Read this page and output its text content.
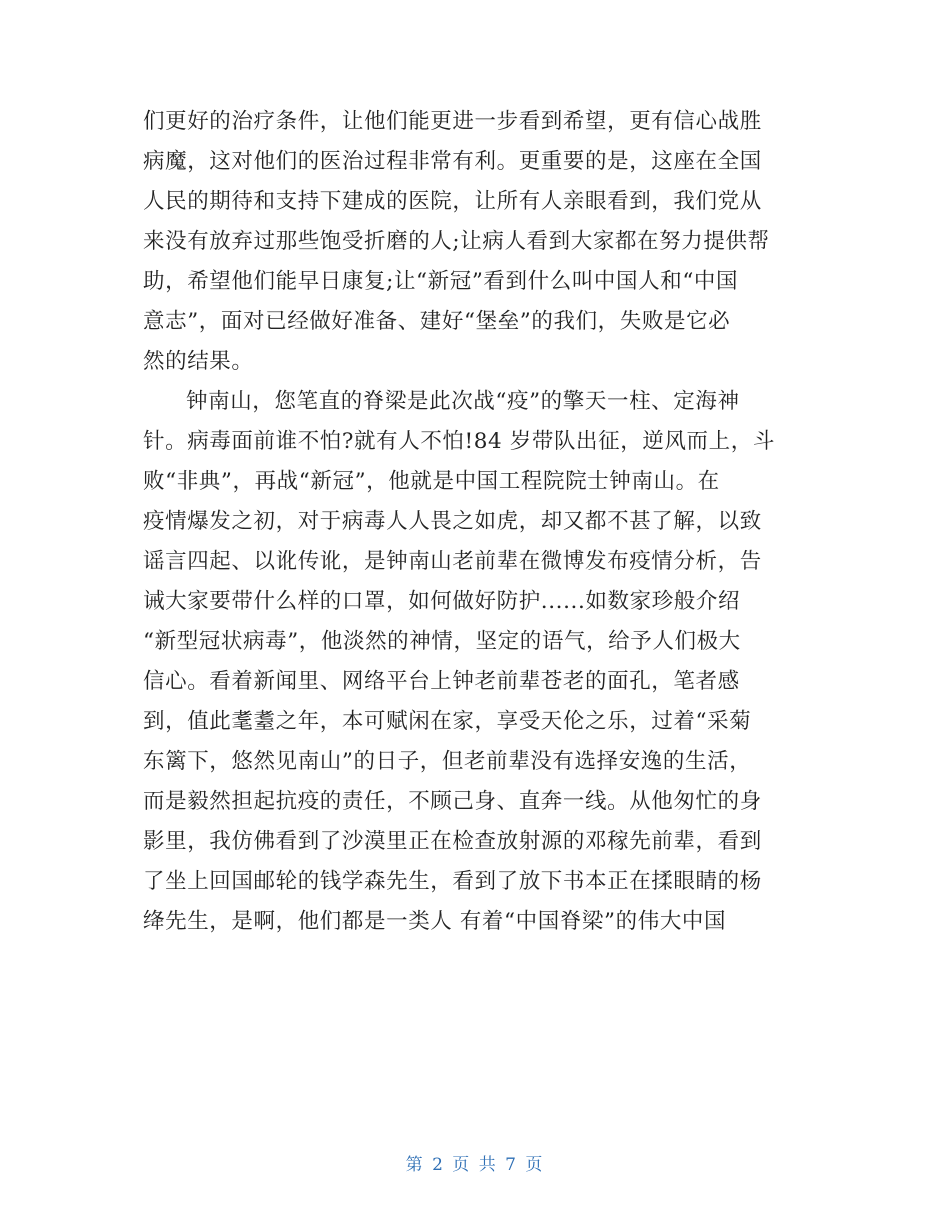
们更好的治疗条件，让他们能更进一步看到希望，更有信心战胜
病魔，这对他们的医治过程非常有利。更重要的是，这座在全国
人民的期待和支持下建成的医院，让所有人亲眼看到，我们党从
来没有放弃过那些饱受折磨的人;让病人看到大家都在努力提供帮
助，希望他们能早日康复;让“新冠”看到什么叫中国人和“中国
意志”，面对已经做好准备、建好“堡垒”的我们，失败是它必
然的结果。
钟南山，您笔直的脊梁是此次战“疫”的擎天一柱、定海神
针。病毒面前谁不怕?就有人不怕!84 岁带队出征，逆风而上，斗
败“非典”，再战“新冠”，他就是中国工程院院士钟南山。在
疫情爆发之初，对于病毒人人畏之如虎，却又都不甚了解，以致
谣言四起、以讹传讹，是钟南山老前辈在微博发布疫情分析，告
诫大家要带什么样的口罩，如何做好防护......如数家珍般介绍
“新型冠状病毒”，他淡然的神情，坚定的语气，给予人们极大
信心。看着新闻里、网络平台上钟老前辈苍老的面孔，笔者感
到，值此耄耋之年，本可赋闲在家，享受天伦之乐，过着“采菊
东篱下，悠然见南山”的日子，但老前辈没有选择安逸的生活，
而是毅然担起抗疫的责任，不顾己身、直奔一线。从他匆忙的身
影里，我仿佛看到了沙漠里正在检查放射源的邓稼先前辈，看到
了坐上回国邮轮的钱学森先生，看到了放下书本正在揉眼睛的杨
绛先生，是啊，他们都是一类人 有着“中国脊梁”的伟大中国
第 2 页 共 7 页
